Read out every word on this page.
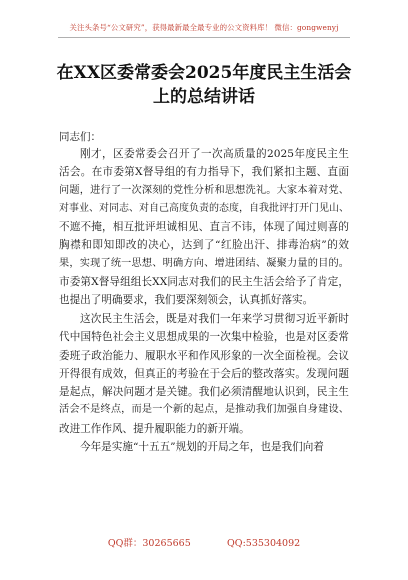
关注头条号“公文研究”，获得最新最全最专业的公文资料库！ 微信：gongwenyj
在XX区委常委会2025年度民主生活会
上的总结讲话
同志们：
刚才，区委常委会召开了一次高质量的2025年度民主生
活会。在市委第X督导组的有力指导下，我们紧扣主题、直面
问题，进行了一次深刻的党性分析和思想洗礼。大家本着对党、
对事业、对同志、对自己高度负责的态度，自我批评打开门见山、
不遮不掩，相互批评坦诚相见、直言不讳，体现了闻过则喜的
胸襟和即知即改的决心，达到了“红脸出汗、排毒治病”的效
果，实现了统一思想、明确方向、增进团结、凝聚力量的目的。
市委第X督导组组长XX同志对我们的民主生活会给予了肯定，
也提出了明确要求，我们要深刻领会，认真抓好落实。
这次民主生活会，既是对我们一年来学习贯彻习近平新时
代中国特色社会主义思想成果的一次集中检验，也是对区委常
委班子政治能力、履职水平和作风形象的一次全面检视。会议
开得很有成效，但真正的考验在于会后的整改落实。发现问题
是起点，解决问题才是关键。我们必须清醒地认识到，民主生
活会不是终点，而是一个新的起点，是推动我们加强自身建设、
改进工作作风、提升履职能力的新开端。
今年是实施“十五五”规划的开局之年，也是我们向着
QQ群：30265665	QQ:535304092
